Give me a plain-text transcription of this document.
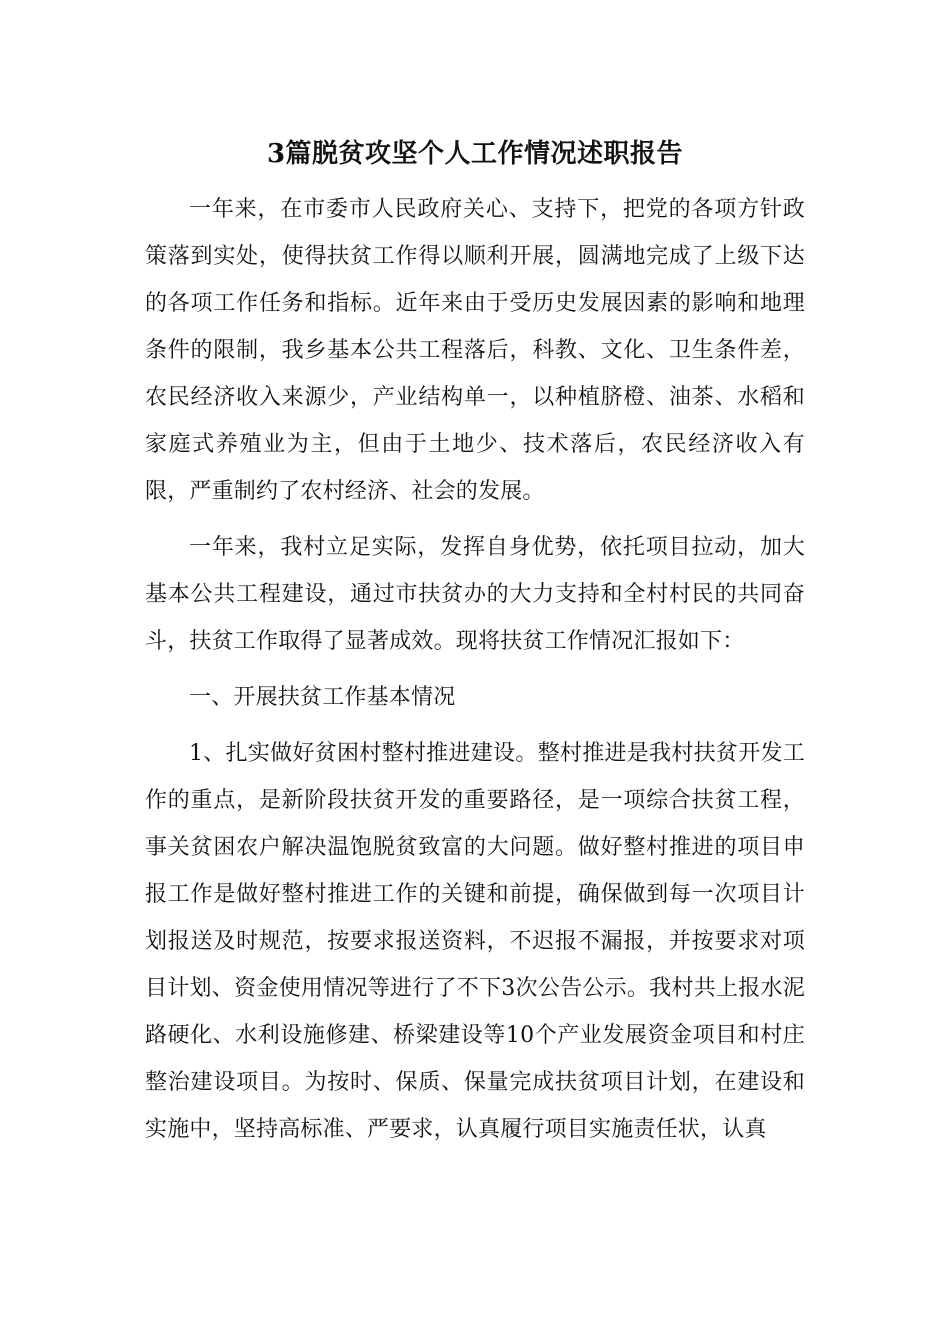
3篇脱贫攻坚个人工作情况述职报告

一年来，在市委市人民政府关心、支持下，把党的各项方针政策落到实处，使得扶贫工作得以顺利开展，圆满地完成了上级下达的各项工作任务和指标。近年来由于受历史发展因素的影响和地理条件的限制，我乡基本公共工程落后，科教、文化、卫生条件差，农民经济收入来源少，产业结构单一，以种植脐橙、油茶、水稻和家庭式养殖业为主，但由于土地少、技术落后，农民经济收入有限，严重制约了农村经济、社会的发展。

一年来，我村立足实际，发挥自身优势，依托项目拉动，加大基本公共工程建设，通过市扶贫办的大力支持和全村村民的共同奋斗，扶贫工作取得了显著成效。现将扶贫工作情况汇报如下：

一、开展扶贫工作基本情况

1、扎实做好贫困村整村推进建设。整村推进是我村扶贫开发工作的重点，是新阶段扶贫开发的重要路径，是一项综合扶贫工程，事关贫困农户解决温饱脱贫致富的大问题。做好整村推进的项目申报工作是做好整村推进工作的关键和前提，确保做到每一次项目计划报送及时规范，按要求报送资料，不迟报不漏报，并按要求对项目计划、资金使用情况等进行了不下3次公告公示。我村共上报水泥路硬化、水利设施修建、桥梁建设等10个产业发展资金项目和村庄整治建设项目。为按时、保质、保量完成扶贫项目计划，在建设和实施中，坚持高标准、严要求，认真履行项目实施责任状，认真
